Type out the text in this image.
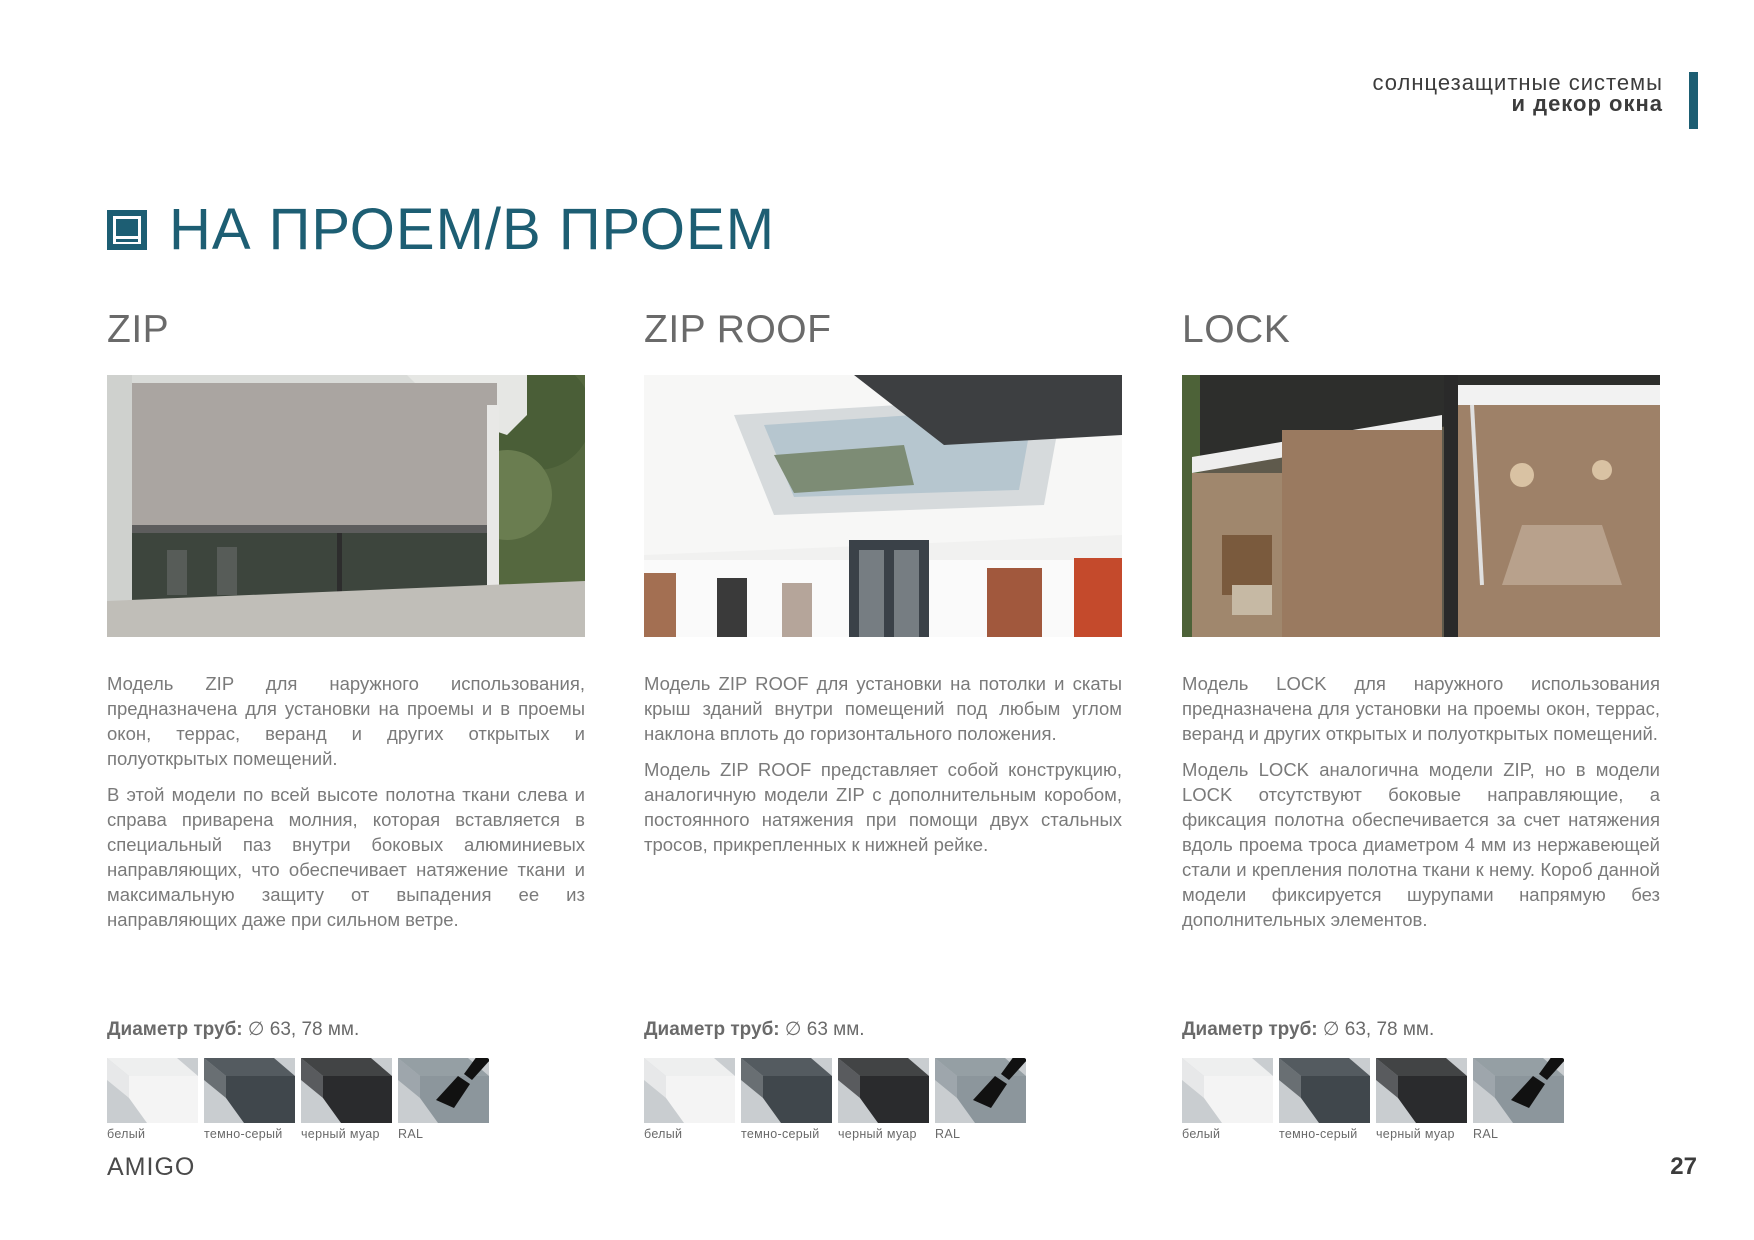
солнцезащитные системы
и декор окна
НА ПРОЕМ/В ПРОЕМ
ZIP

Модель ZIP для наружного использования, предназначена для установки на проемы и в проемы окон, террас, веранд и других открытых и полуоткрытых помещений.

В этой модели по всей высоте полотна ткани слева и справа приварена молния, которая вставляется в специальный паз внутри боковых алюминиевых направляющих, что обеспечивает натяжение ткани и максимальную защиту от выпадения ее из направляющих даже при сильном ветре.

Диаметр труб: ∅ 63, 78 мм.
белый	темно-серый	черный муар	RAL
ZIP ROOF

Модель ZIP ROOF для установки на потолки и скаты крыш зданий внутри помещений под любым углом наклона вплоть до горизонтального положения.

Модель ZIP ROOF представляет собой конструкцию, аналогичную модели ZIP с дополнительным коробом, постоянного натяжения при помощи двух стальных тросов, прикрепленных к нижней рейке.

Диаметр труб: ∅ 63 мм.
белый	темно-серый	черный муар	RAL
LOCK

Модель LOCK для наружного использования предназначена для установки на проемы окон, террас, веранд и других открытых и полуоткрытых помещений.

Модель LOCK аналогична модели ZIP, но в модели LOCK отсутствуют боковые направляющие, а фиксация полотна обеспечивается за счет натяжения вдоль проема троса диаметром 4 мм из нержавеющей стали и крепления полотна ткани к нему. Короб данной модели фиксируется шурупами напрямую без дополнительных элементов.

Диаметр труб: ∅ 63, 78 мм.
белый	темно-серый	черный муар	RAL
AMIGO	27
